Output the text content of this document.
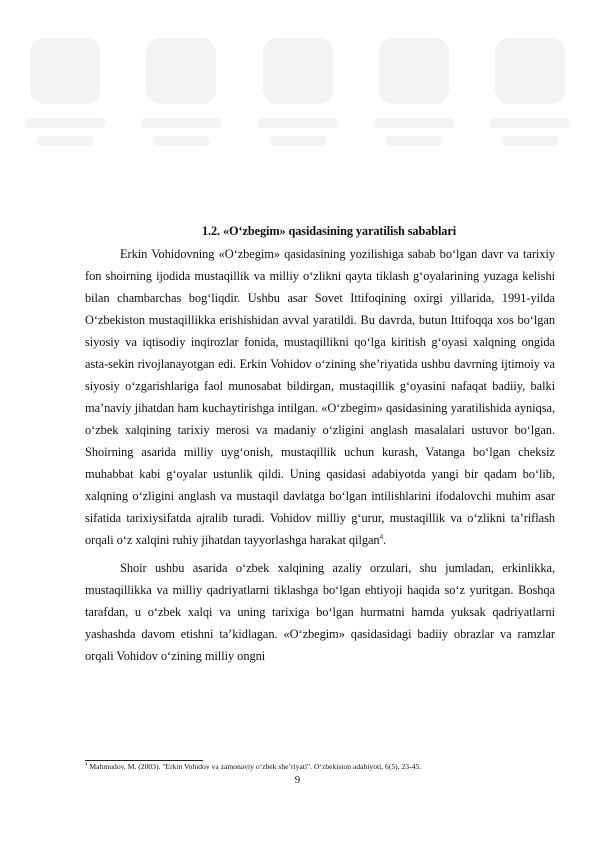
1.2. «O‘zbegim» qasidasining yaratilish sabablari

Erkin Vohidovning «O‘zbegim» qasidasining yozilishiga sabab bo‘lgan davr va tarixiy fon shoirning ijodida mustaqillik va milliy o‘zlikni qayta tiklash g‘oyalarining yuzaga kelishi bilan chambarchas bog‘liqdir. Ushbu asar Sovet Ittifoqining oxirgi yillarida, 1991-yilda O‘zbekiston mustaqillikka erishishidan avval yaratildi. Bu davrda, butun Ittifoqqa xos bo‘lgan siyosiy va iqtisodiy inqirozlar fonida, mustaqillikni qo‘lga kiritish g‘oyasi xalqning ongida asta-sekin rivojlanayotgan edi. Erkin Vohidov o‘zining she’riyatida ushbu davrning ijtimoiy va siyosiy o‘zgarishlariga faol munosabat bildirgan, mustaqillik g‘oyasini nafaqat badiiy, balki ma’naviy jihatdan ham kuchaytirishga intilgan. «O‘zbegim» qasidasining yaratilishida ayniqsa, o‘zbek xalqining tarixiy merosi va madaniy o‘zligini anglash masalalari ustuvor bo‘lgan. Shoirning asarida milliy uyg‘onish, mustaqillik uchun kurash, Vatanga bo‘lgan cheksiz muhabbat kabi g‘oyalar ustunlik qildi. Uning qasidasi adabiyotda yangi bir qadam bo‘lib, xalqning o‘zligini anglash va mustaqil davlatga bo‘lgan intilishlarini ifodalovchi muhim asar sifatida tarixiysifatda ajralib turadi. Vohidov milliy g‘urur, mustaqillik va o‘zlikni ta’riflash orqali o‘z xalqini ruhiy jihatdan tayyorlashga harakat qilgan$^4$.

Shoir ushbu asarida o‘zbek xalqining azaliy orzulari, shu jumladan, erkinlikka, mustaqillikka va milliy qadriyatlarni tiklashga bo‘lgan ehtiyoji haqida so‘z yuritgan. Boshqa tarafdan, u o‘zbek xalqi va uning tarixiga bo‘lgan hurmatni hamda yuksak qadriyatlarni yashashda davom etishni ta’kidlagan. «O‘zbegim» qasidasidagi badiiy obrazlar va ramzlar orqali Vohidov o‘zining milliy ongni

$^4$ Mahmudov, M. (2003). "Erkin Vohidov va zamonaviy o‘zbek she’riyati". O‘zbekiston adabiyoti, 6(5), 23-45.
9
